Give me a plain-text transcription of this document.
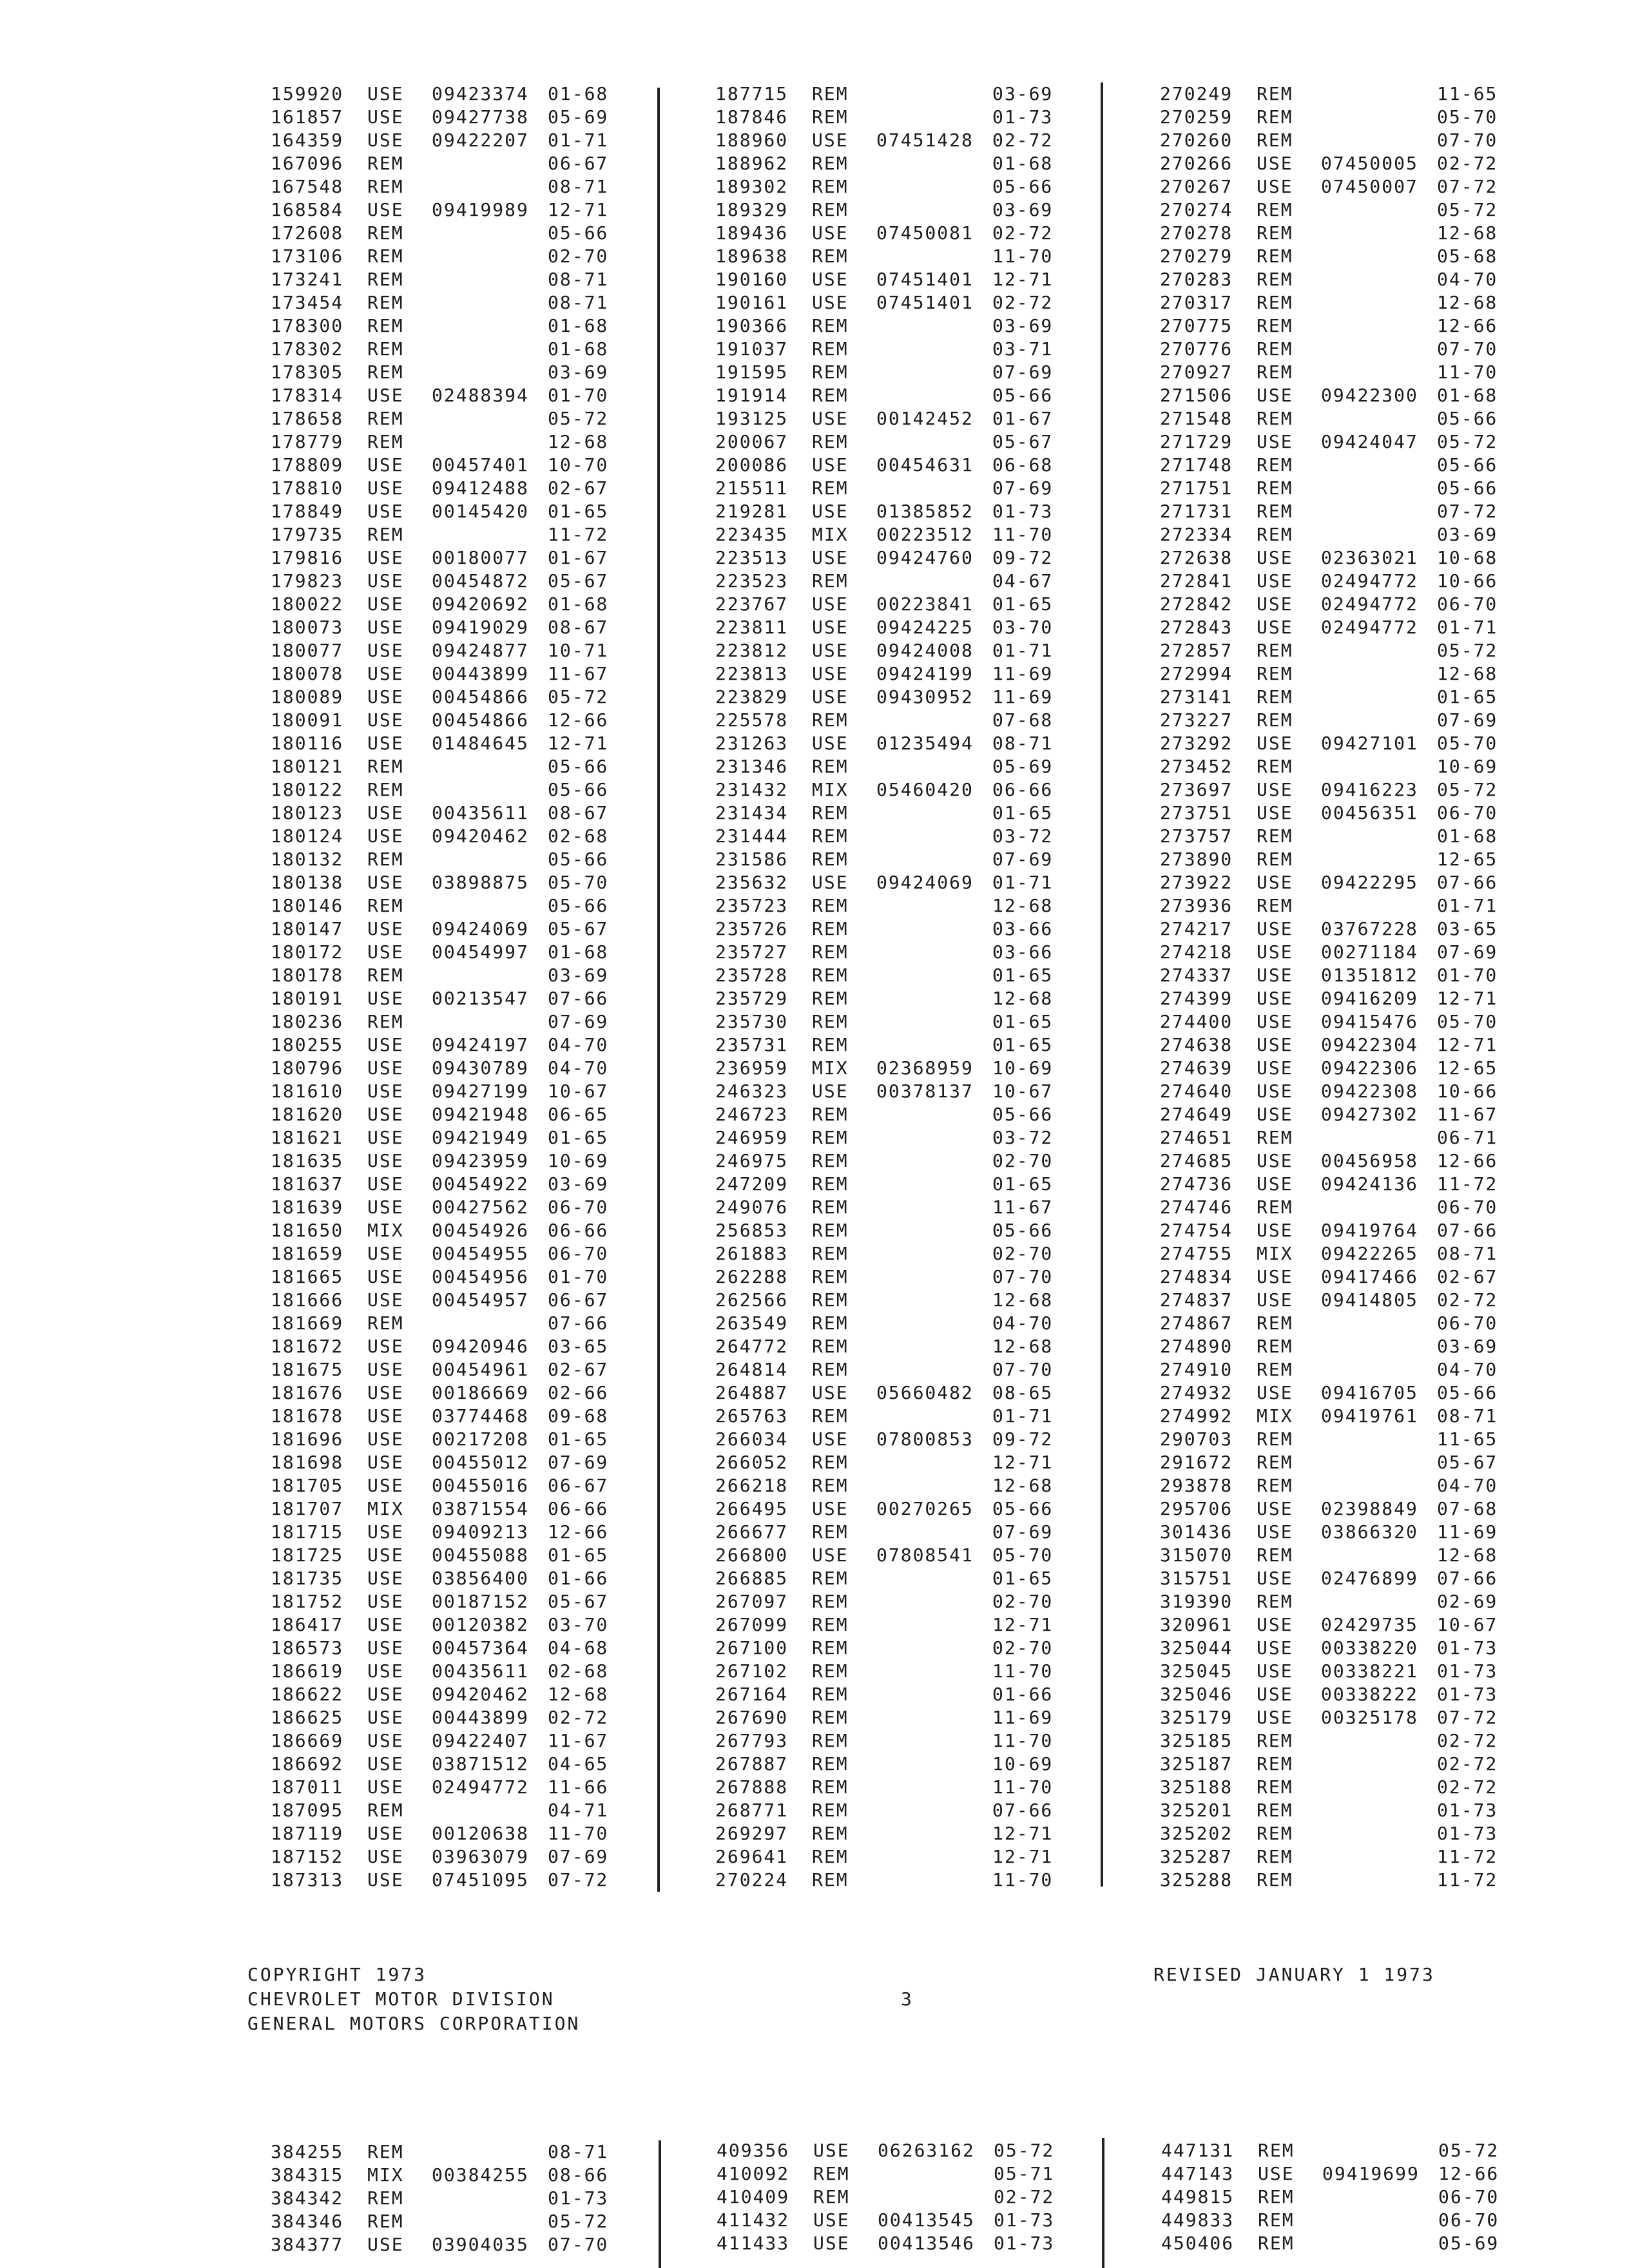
159920 USE 09423374 01-68
161857 USE 09427738 05-69
164359 USE 09422207 01-71
167096 REM	06-67
167548 REM	08-71
168584 USE 09419989 12-71
172608 REM	05-66
173106 REM	02-70
173241 REM	08-71
173454 REM	08-71
178300 REM	01-68
178302 REM	01-68
178305 REM	03-69
178314 USE 02488394 01-70
178658 REM	05-72
178779 REM	12-68
178809 USE 00457401 10-70
178810 USE 09412488 02-67
178849 USE 00145420 01-65
179735 REM	11-72
179816 USE 00180077 01-67
179823 USE 00454872 05-67
180022 USE 09420692 01-68
180073 USE 09419029 08-67
180077 USE 09424877 10-71
180078 USE 00443899 11-67
180089 USE 00454866 05-72
180091 USE 00454866 12-66
180116 USE 01484645 12-71
180121 REM	05-66
180122 REM	05-66
180123 USE 00435611 08-67
180124 USE 09420462 02-68
180132 REM	05-66
180138 USE 03898875 05-70
180146 REM	05-66
180147 USE 09424069 05-67
180172 USE 00454997 01-68
180178 REM	03-69
180191 USE 00213547 07-66
180236 REM	07-69
180255 USE 09424197 04-70
180796 USE 09430789 04-70
181610 USE 09427199 10-67
181620 USE 09421948 06-65
181621 USE 09421949 01-65
181635 USE 09423959 10-69
181637 USE 00454922 03-69
181639 USE 00427562 06-70
181650 MIX 00454926 06-66
181659 USE 00454955 06-70
181665 USE 00454956 01-70
181666 USE 00454957 06-67
181669 REM	07-66
181672 USE 09420946 03-65
181675 USE 00454961 02-67
181676 USE 00186669 02-66
181678 USE 03774468 09-68
181696 USE 00217208 01-65
181698 USE 00455012 07-69
181705 USE 00455016 06-67
181707 MIX 03871554 06-66
181715 USE 09409213 12-66
181725 USE 00455088 01-65
181735 USE 03856400 01-66
181752 USE 00187152 05-67
186417 USE 00120382 03-70
186573 USE 00457364 04-68
186619 USE 00435611 02-68
186622 USE 09420462 12-68
186625 USE 00443899 02-72
186669 USE 09422407 11-67
186692 USE 03871512 04-65
187011 USE 02494772 11-66
187095 REM	04-71
187119 USE 00120638 11-70
187152 USE 03963079 07-69
187313 USE 07451095 07-72
187715 REM	03-69
187846 REM	01-73
188960 USE 07451428 02-72
188962 REM	01-68
189302 REM	05-66
189329 REM	03-69
189436 USE 07450081 02-72
189638 REM	11-70
190160 USE 07451401 12-71
190161 USE 07451401 02-72
190366 REM	03-69
191037 REM	03-71
191595 REM	07-69
191914 REM	05-66
193125 USE 00142452 01-67
200067 REM	05-67
200086 USE 00454631 06-68
215511 REM	07-69
219281 USE 01385852 01-73
223435 MIX 00223512 11-70
223513 USE 09424760 09-72
223523 REM	04-67
223767 USE 00223841 01-65
223811 USE 09424225 03-70
223812 USE 09424008 01-71
223813 USE 09424199 11-69
223829 USE 09430952 11-69
225578 REM	07-68
231263 USE 01235494 08-71
231346 REM	05-69
231432 MIX 05460420 06-66
231434 REM	01-65
231444 REM	03-72
231586 REM	07-69
235632 USE 09424069 01-71
235723 REM	12-68
235726 REM	03-66
235727 REM	03-66
235728 REM	01-65
235729 REM	12-68
235730 REM	01-65
235731 REM	01-65
236959 MIX 02368959 10-69
246323 USE 00378137 10-67
246723 REM	05-66
246959 REM	03-72
246975 REM	02-70
247209 REM	01-65
249076 REM	11-67
256853 REM	05-66
261883 REM	02-70
262288 REM	07-70
262566 REM	12-68
263549 REM	04-70
264772 REM	12-68
264814 REM	07-70
264887 USE 05660482 08-65
265763 REM	01-71
266034 USE 07800853 09-72
266052 REM	12-71
266218 REM	12-68
266495 USE 00270265 05-66
266677 REM	07-69
266800 USE 07808541 05-70
266885 REM	01-65
267097 REM	02-70
267099 REM	12-71
267100 REM	02-70
267102 REM	11-70
267164 REM	01-66
267690 REM	11-69
267793 REM	11-70
267887 REM	10-69
267888 REM	11-70
268771 REM	07-66
269297 REM	12-71
269641 REM	12-71
270224 REM	11-70
270249 REM	11-65
270259 REM	05-70
270260 REM	07-70
270266 USE 07450005 02-72
270267 USE 07450007 07-72
270274 REM	05-72
270278 REM	12-68
270279 REM	05-68
270283 REM	04-70
270317 REM	12-68
270775 REM	12-66
270776 REM	07-70
270927 REM	11-70
271506 USE 09422300 01-68
271548 REM	05-66
271729 USE 09424047 05-72
271748 REM	05-66
271751 REM	05-66
271731 REM	07-72
272334 REM	03-69
272638 USE 02363021 10-68
272841 USE 02494772 10-66
272842 USE 02494772 06-70
272843 USE 02494772 01-71
272857 REM	05-72
272994 REM	12-68
273141 REM	01-65
273227 REM	07-69
273292 USE 09427101 05-70
273452 REM	10-69
273697 USE 09416223 05-72
273751 USE 00456351 06-70
273757 REM	01-68
273890 REM	12-65
273922 USE 09422295 07-66
273936 REM	01-71
274217 USE 03767228 03-65
274218 USE 00271184 07-69
274337 USE 01351812 01-70
274399 USE 09416209 12-71
274400 USE 09415476 05-70
274638 USE 09422304 12-71
274639 USE 09422306 12-65
274640 USE 09422308 10-66
274649 USE 09427302 11-67
274651 REM	06-71
274685 USE 00456958 12-66
274736 USE 09424136 11-72
274746 REM	06-70
274754 USE 09419764 07-66
274755 MIX 09422265 08-71
274834 USE 09417466 02-67
274837 USE 09414805 02-72
274867 REM	06-70
274890 REM	03-69
274910 REM	04-70
274932 USE 09416705 05-66
274992 MIX 09419761 08-71
290703 REM	11-65
291672 REM	05-67
293878 REM	04-70
295706 USE 02398849 07-68
301436 USE 03866320 11-69
315070 REM	12-68
315751 USE 02476899 07-66
319390 REM	02-69
320961 USE 02429735 10-67
325044 USE 00338220 01-73
325045 USE 00338221 01-73
325046 USE 00338222 01-73
325179 USE 00325178 07-72
325185 REM	02-72
325187 REM	02-72
325188 REM	02-72
325201 REM	01-73
325202 REM	01-73
325287 REM	11-72
325288 REM	11-72
COPYRIGHT 1973
CHEVROLET MOTOR DIVISION
GENERAL MOTORS CORPORATION
3
REVISED JANUARY 1 1973
384255 REM	08-71
384315 MIX 00384255 08-66
384342 REM	01-73
384346 REM	05-72
384377 USE 03904035 07-70
409356 USE 06263162 05-72
410092 REM	05-71
410409 REM	02-72
411432 USE 00413545 01-73
411433 USE 00413546 01-73
447131 REM	05-72
447143 USE 09419699 12-66
449815 REM	06-70
449833 REM	06-70
450406 REM	05-69
